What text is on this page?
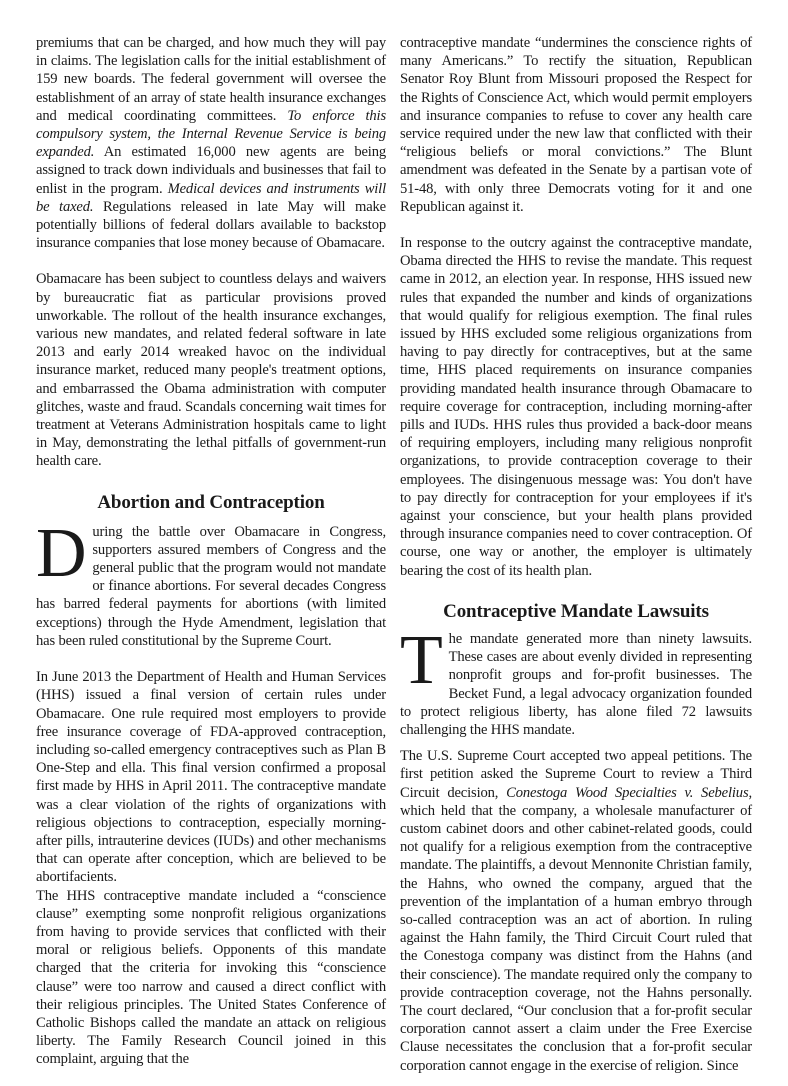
premiums that can be charged, and how much they will pay in claims. The legislation calls for the initial establishment of 159 new boards. The federal government will oversee the establishment of an array of state health insurance exchanges and medical coordinating committees. To enforce this compulsory system, the Internal Revenue Service is being expanded. An estimated 16,000 new agents are being assigned to track down individuals and businesses that fail to enlist in the program. Medical devices and instruments will be taxed. Regulations released in late May will make potentially billions of federal dollars available to backstop insurance companies that lose money because of Obamacare.

Obamacare has been subject to countless delays and waivers by bureaucratic fiat as particular provisions proved unworkable. The rollout of the health insurance exchanges, various new mandates, and related federal software in late 2013 and early 2014 wreaked havoc on the individual insurance market, reduced many people's treatment options, and embarrassed the Obama administration with computer glitches, waste and fraud. Scandals concerning wait times for treatment at Veterans Administration hospitals came to light in May, demonstrating the lethal pitfalls of government-run health care.

Abortion and Contraception

During the battle over Obamacare in Congress, supporters assured members of Congress and the general public that the program would not mandate or finance abortions. For several decades Congress has barred federal payments for abortions (with limited exceptions) through the Hyde Amendment, legislation that has been ruled constitutional by the Supreme Court.

In June 2013 the Department of Health and Human Services (HHS) issued a final version of certain rules under Obamacare. One rule required most employers to provide free insurance coverage of FDA-approved contraception, including so-called emergency contraceptives such as Plan B One-Step and ella. This final version confirmed a proposal first made by HHS in April 2011. The contraceptive mandate was a clear violation of the rights of organizations with religious objections to contraception, especially morning-after pills, intrauterine devices (IUDs) and other mechanisms that can operate after conception, which are believed to be abortifacients.

The HHS contraceptive mandate included a “conscience clause” exempting some nonprofit religious organizations from having to provide services that conflicted with their moral or religious beliefs. Opponents of this mandate charged that the criteria for invoking this “conscience clause” were too narrow and caused a direct conflict with their religious principles. The United States Conference of Catholic Bishops called the mandate an attack on religious liberty. The Family Research Council joined in this complaint, arguing that the

contraceptive mandate “undermines the conscience rights of many Americans.” To rectify the situation, Republican Senator Roy Blunt from Missouri proposed the Respect for the Rights of Conscience Act, which would permit employers and insurance companies to refuse to cover any health care service required under the new law that conflicted with their “religious beliefs or moral convictions.” The Blunt amendment was defeated in the Senate by a partisan vote of 51-48, with only three Democrats voting for it and one Republican against it.

In response to the outcry against the contraceptive mandate, Obama directed the HHS to revise the mandate. This request came in 2012, an election year. In response, HHS issued new rules that expanded the number and kinds of organizations that would qualify for religious exemption. The final rules issued by HHS excluded some religious organizations from having to pay directly for contraceptives, but at the same time, HHS placed requirements on insurance companies providing mandated health insurance through Obamacare to require coverage for contraception, including morning-after pills and IUDs. HHS rules thus provided a back-door means of requiring employers, including many religious nonprofit organizations, to provide contraception coverage to their employees. The disingenuous message was: You don't have to pay directly for contraception for your employees if it's against your conscience, but your health plans provided through insurance companies need to cover contraception. Of course, one way or another, the employer is ultimately bearing the cost of its health plan.

Contraceptive Mandate Lawsuits

The mandate generated more than ninety lawsuits. These cases are about evenly divided in representing nonprofit groups and for-profit businesses. The Becket Fund, a legal advocacy organization founded to protect religious liberty, has alone filed 72 lawsuits challenging the HHS mandate.

The U.S. Supreme Court accepted two appeal petitions. The first petition asked the Supreme Court to review a Third Circuit decision, Conestoga Wood Specialties v. Sebelius, which held that the company, a wholesale manufacturer of custom cabinet doors and other cabinet-related goods, could not qualify for a religious exemption from the contraceptive mandate. The plaintiffs, a devout Mennonite Christian family, the Hahns, who owned the company, argued that the prevention of the implantation of a human embryo through so-called contraception was an act of abortion. In ruling against the Hahn family, the Third Circuit Court ruled that the Conestoga company was distinct from the Hahns (and their conscience). The mandate required only the company to provide contraception coverage, not the Hahns personally. The court declared, “Our conclusion that a for-profit secular corporation cannot assert a claim under the Free Exercise Clause necessitates the conclusion that a for-profit secular corporation cannot engage in the exercise of religion. Since
